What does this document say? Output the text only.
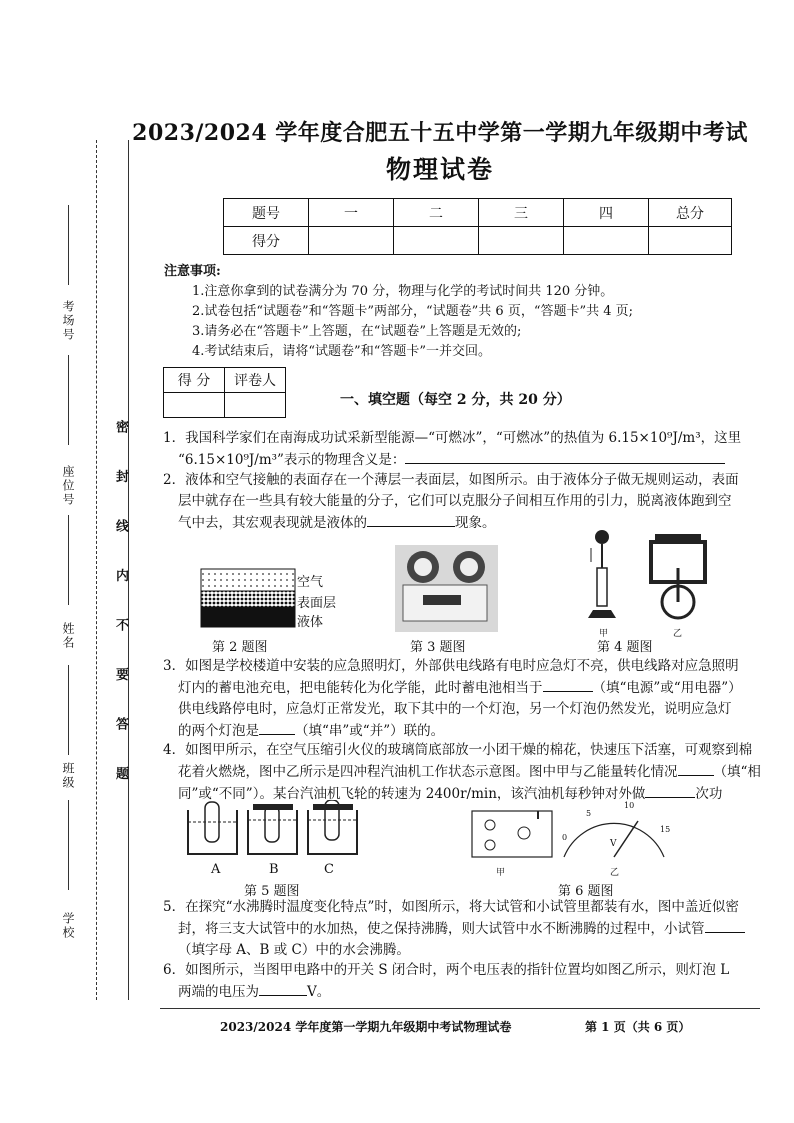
密 封 线 内 不 要 答 题
考场号
座位号
姓名
班级
学校
2023/2024 学年度合肥五十五中学第一学期九年级期中考试
物理试卷
题号	一	二	三	四	总分
得分					
注意事项:
1.注意你拿到的试卷满分为 70 分，物理与化学的考试时间共 120 分钟。
2.试卷包括“试题卷”和“答题卡”两部分，“试题卷”共 6 页，“答题卡”共 4 页;
3.请务必在“答题卡”上答题，在“试题卷”上答题是无效的;
4.考试结束后，请将“试题卷”和“答题卡”一并交回。
得 分	评卷人

一、填空题（每空 2 分，共 20 分）
1．我国科学家们在南海成功试采新型能源—“可燃冰”，“可燃冰”的热值为 6.15×10⁹J/m³，这里
“6.15×10⁹J/m³”表示的物理含义是：
2．液体和空气接触的表面存在一个薄层一表面层，如图所示。由于液体分子做无规则运动，表面
层中就存在一些具有较大能量的分子，它们可以克服分子间相互作用的引力，脱离液体跑到空
气中去，其宏观表现就是液体的	现象。
空气
表面层
液体
第 2 题图	第 3 题图
甲	乙
第 4 题图
3．如图是学校楼道中安装的应急照明灯，外部供电线路有电时应急灯不亮，供电线路对应急照明
灯内的蓄电池充电，把电能转化为化学能，此时蓄电池相当于	（填“电源”或“用电器”）
供电线路停电时，应急灯正常发光，取下其中的一个灯泡，另一个灯泡仍然发光，说明应急灯
的两个灯泡是	（填“串”或“并”）联的。
4．如图甲所示，在空气压缩引火仪的玻璃筒底部放一小团干燥的棉花，快速压下活塞，可观察到棉
花着火燃烧，图中乙所示是四冲程汽油机工作状态示意图。图中甲与乙能量转化情况	（填“相
同”或“不同”）。某台汽油机飞轮的转速为 2400r/min，该汽油机每秒钟对外做	次功
A	B	C
第 5 题图
甲	乙
0
5
10
15
V
第 6 题图
5．在探究“水沸腾时温度变化特点”时，如图所示，将大试管和小试管里都装有水，图中盖近似密
封，将三支大试管中的水加热，使之保持沸腾，则大试管中水不断沸腾的过程中，小试管
（填字母 A、B 或 C）中的水会沸腾。
6．如图所示，当图甲电路中的开关 S 闭合时，两个电压表的指针位置均如图乙所示，则灯泡 L
两端的电压为	V。
2023/2024 学年度第一学期九年级期中考试物理试卷	第 1 页（共 6 页）
